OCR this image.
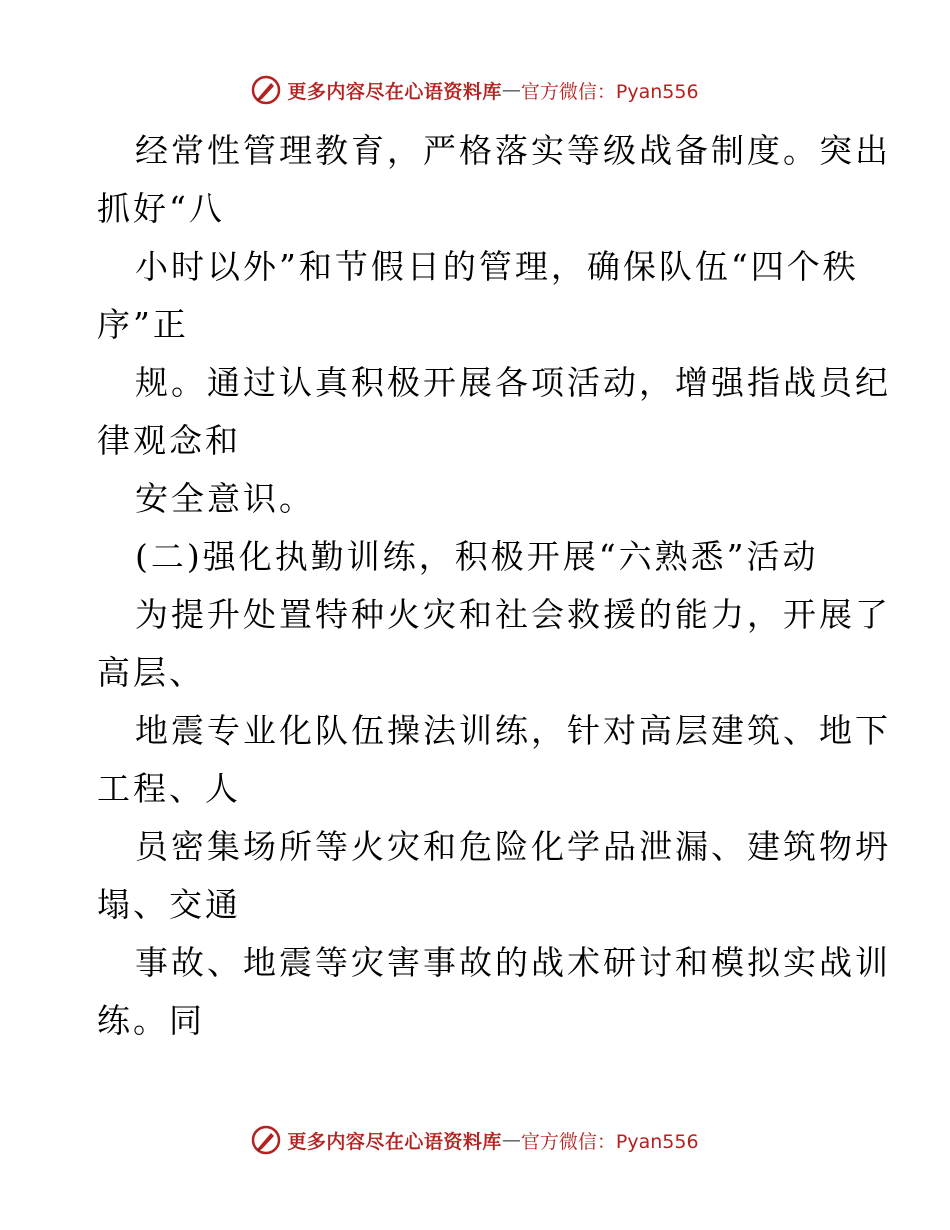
更多内容尽在心语资料库 — 官方微信：Pyan556
经常性管理教育，严格落实等级战备制度。突出
抓好“八
小时以外”和节假日的管理，确保队伍“四个秩
序”正
规。通过认真积极开展各项活动，增强指战员纪
律观念和
安全意识。
(二)强化执勤训练，积极开展“六熟悉”活动
为提升处置特种火灾和社会救援的能力，开展了
高层、
地震专业化队伍操法训练，针对高层建筑、地下
工程、人
员密集场所等火灾和危险化学品泄漏、建筑物坍
塌、交通
事故、地震等灾害事故的战术研讨和模拟实战训
练。同
更多内容尽在心语资料库 — 官方微信：Pyan556
